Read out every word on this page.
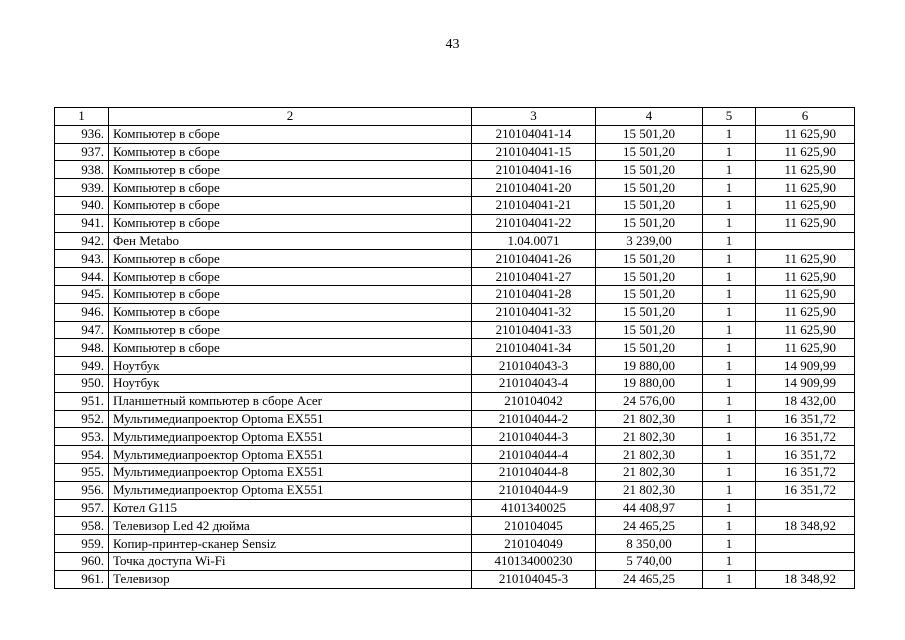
43
1	2	3	4	5	6
936.	Компьютер в сборе	210104041-14	15 501,20	1	11 625,90
937.	Компьютер в сборе	210104041-15	15 501,20	1	11 625,90
938.	Компьютер в сборе	210104041-16	15 501,20	1	11 625,90
939.	Компьютер в сборе	210104041-20	15 501,20	1	11 625,90
940.	Компьютер в сборе	210104041-21	15 501,20	1	11 625,90
941.	Компьютер в сборе	210104041-22	15 501,20	1	11 625,90
942.	Фен Metabo	1.04.0071	3 239,00	1	
943.	Компьютер в сборе	210104041-26	15 501,20	1	11 625,90
944.	Компьютер в сборе	210104041-27	15 501,20	1	11 625,90
945.	Компьютер в сборе	210104041-28	15 501,20	1	11 625,90
946.	Компьютер в сборе	210104041-32	15 501,20	1	11 625,90
947.	Компьютер в сборе	210104041-33	15 501,20	1	11 625,90
948.	Компьютер в сборе	210104041-34	15 501,20	1	11 625,90
949.	Ноутбук	210104043-3	19 880,00	1	14 909,99
950.	Ноутбук	210104043-4	19 880,00	1	14 909,99
951.	Планшетный компьютер в сборе Acer	210104042	24 576,00	1	18 432,00
952.	Мультимедиапроектор Optoma EX551	210104044-2	21 802,30	1	16 351,72
953.	Мультимедиапроектор Optoma EX551	210104044-3	21 802,30	1	16 351,72
954.	Мультимедиапроектор Optoma EX551	210104044-4	21 802,30	1	16 351,72
955.	Мультимедиапроектор Optoma EX551	210104044-8	21 802,30	1	16 351,72
956.	Мультимедиапроектор Optoma EX551	210104044-9	21 802,30	1	16 351,72
957.	Котел G115	4101340025	44 408,97	1	
958.	Телевизор Led 42 дюйма	210104045	24 465,25	1	18 348,92
959.	Копир-принтер-сканер Sensiz	210104049	8 350,00	1	
960.	Точка доступа Wi-Fi	410134000230	5 740,00	1	
961.	Телевизор	210104045-3	24 465,25	1	18 348,92
